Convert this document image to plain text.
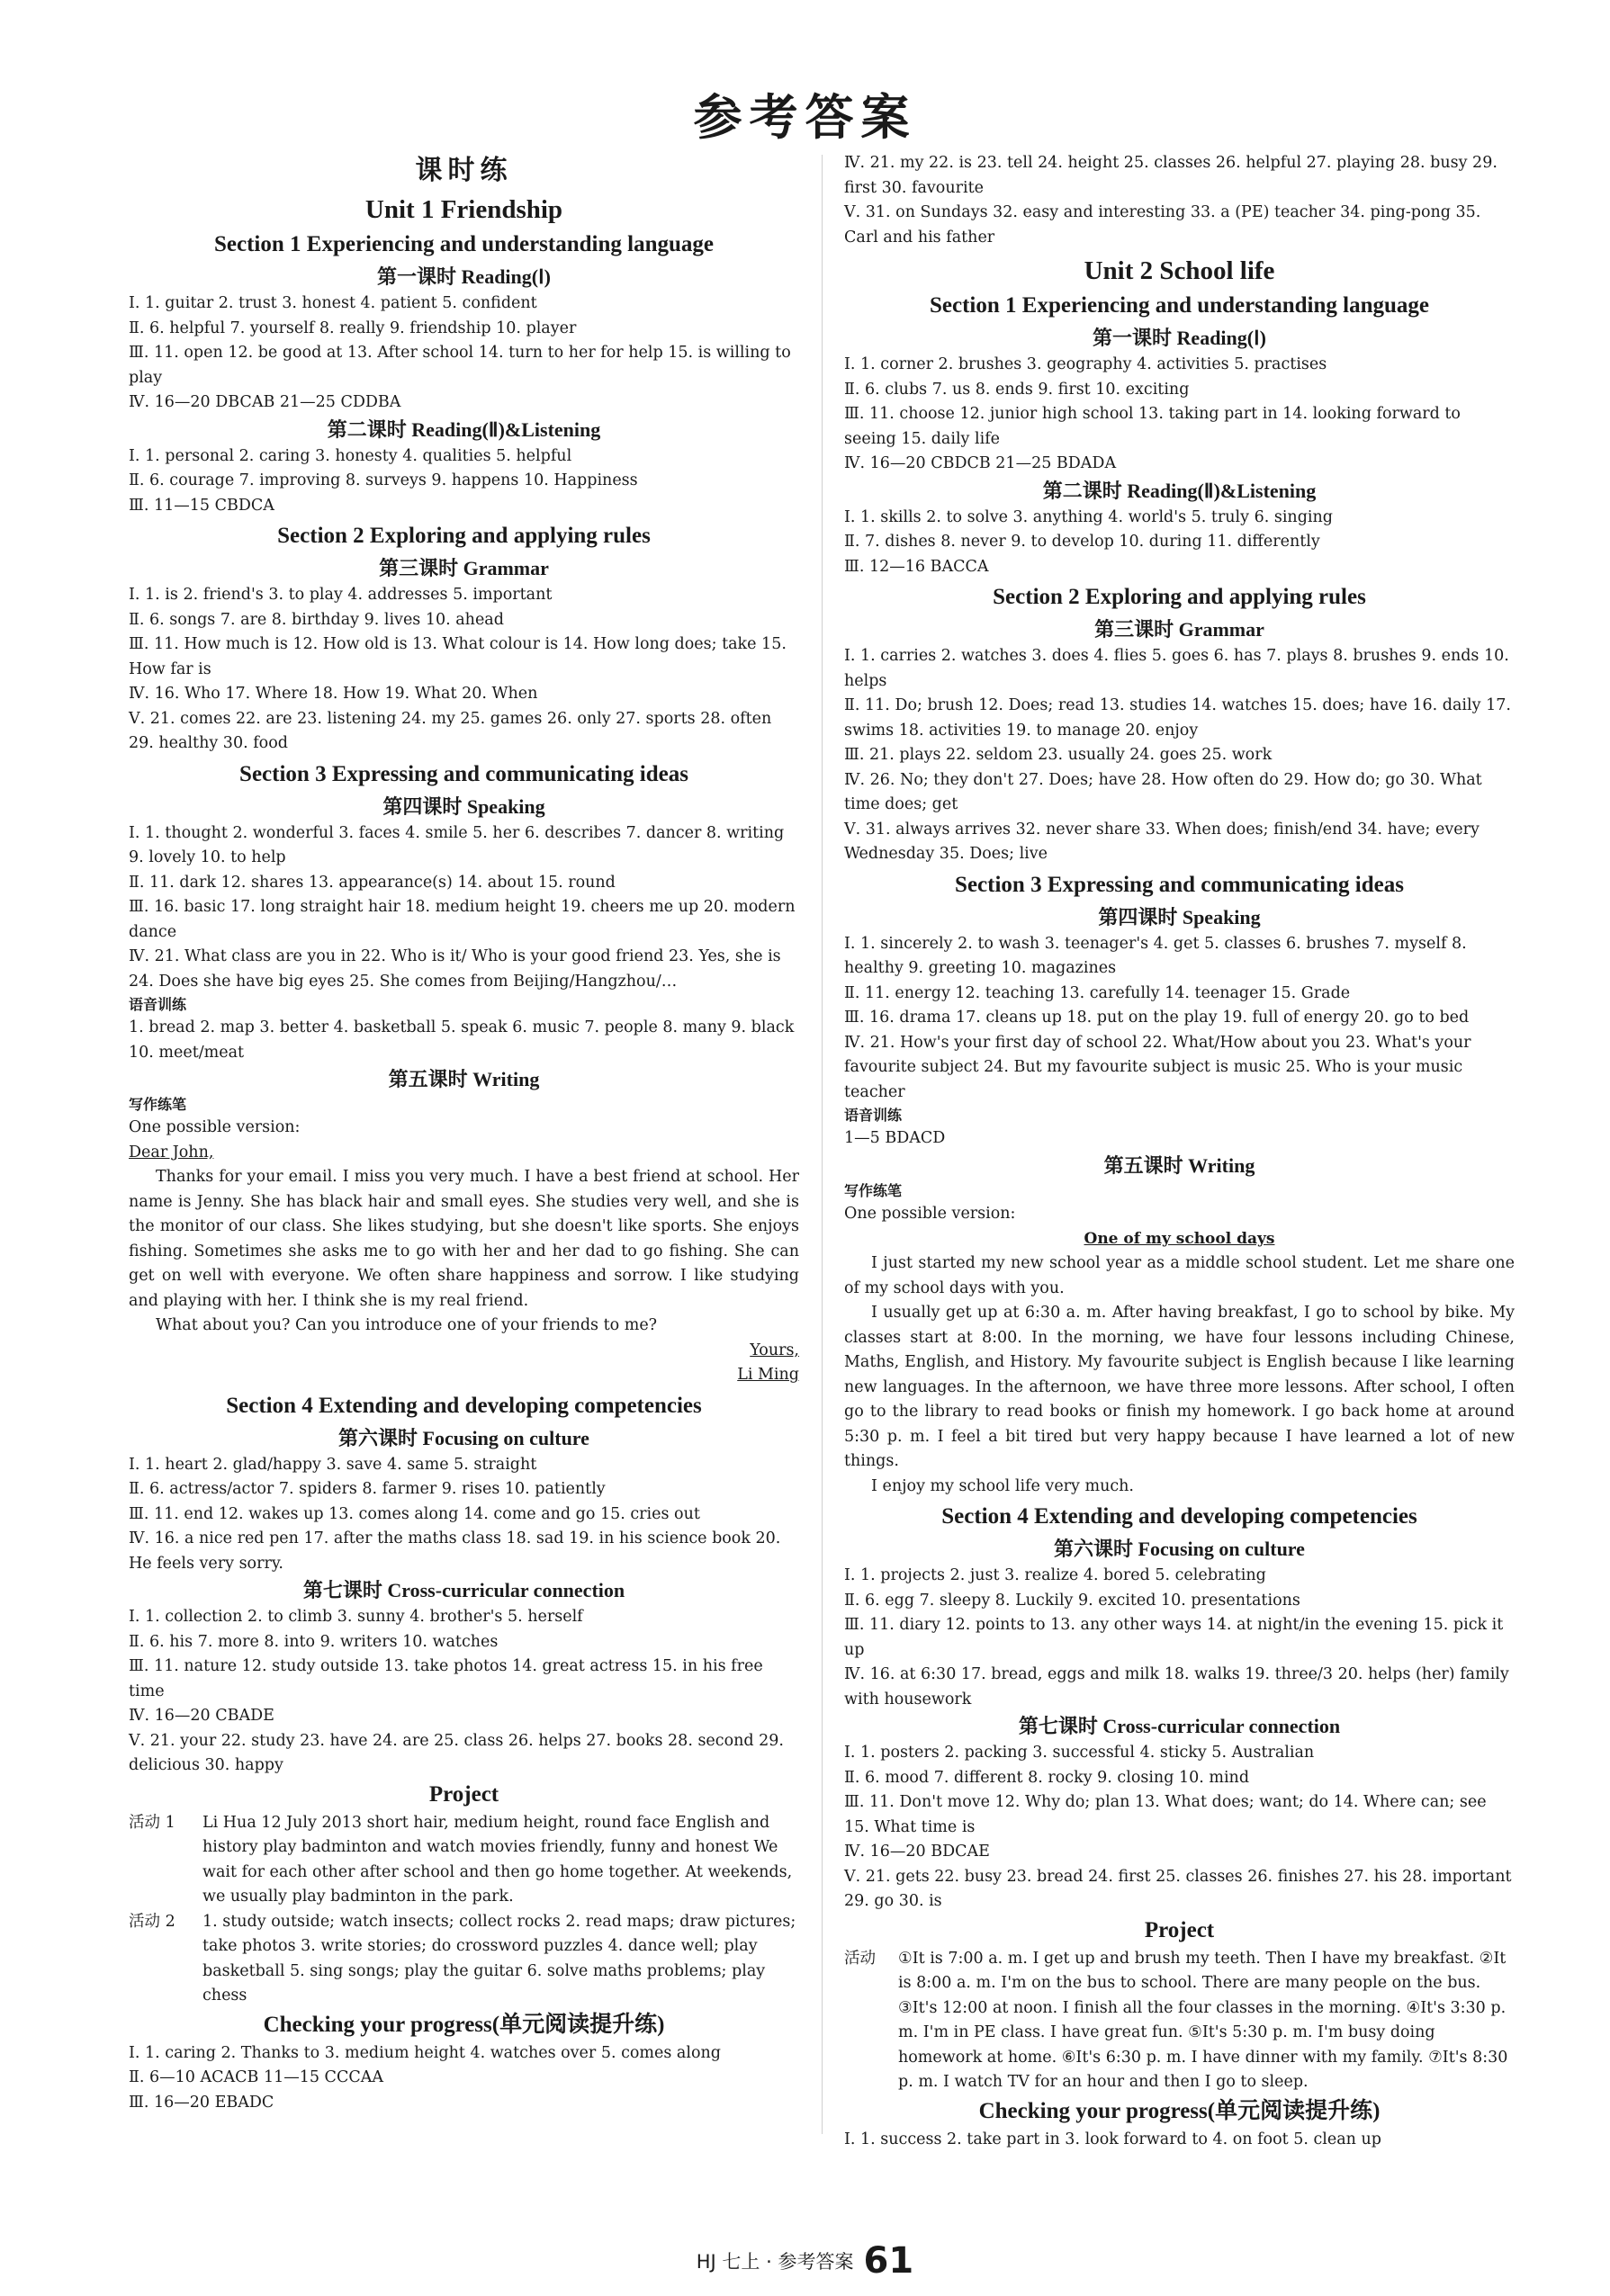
参考答案
课时练
Unit 1 Friendship
Section 1 Experiencing and understanding language
第一课时 Reading(Ⅰ)
Ⅰ. 1. guitar 2. trust 3. honest 4. patient 5. confident
Ⅱ. 6. helpful 7. yourself 8. really 9. friendship 10. player
Ⅲ. 11. open 12. be good at 13. After school 14. turn to her for help 15. is willing to play
Ⅳ. 16—20 DBCAB 21—25 CDDBA
第二课时 Reading(Ⅱ)&Listening
Ⅰ. 1. personal 2. caring 3. honesty 4. qualities 5. helpful
Ⅱ. 6. courage 7. improving 8. surveys 9. happens 10. Happiness
Ⅲ. 11—15 CBDCA
Section 2 Exploring and applying rules
第三课时 Grammar
Ⅰ. 1. is 2. friend's 3. to play 4. addresses 5. important
Ⅱ. 6. songs 7. are 8. birthday 9. lives 10. ahead
Ⅲ. 11. How much is 12. How old is 13. What colour is 14. How long does; take 15. How far is
Ⅳ. 16. Who 17. Where 18. How 19. What 20. When
Ⅴ. 21. comes 22. are 23. listening 24. my 25. games 26. only 27. sports 28. often 29. healthy 30. food
Section 3 Expressing and communicating ideas
第四课时 Speaking
Ⅰ. 1. thought 2. wonderful 3. faces 4. smile 5. her 6. describes 7. dancer 8. writing 9. lovely 10. to help
Ⅱ. 11. dark 12. shares 13. appearance(s) 14. about 15. round
Ⅲ. 16. basic 17. long straight hair 18. medium height 19. cheers me up 20. modern dance
Ⅳ. 21. What class are you in 22. Who is it/ Who is your good friend 23. Yes, she is 24. Does she have big eyes 25. She comes from Beijing/Hangzhou/…
语音训练
1. bread 2. map 3. better 4. basketball 5. speak 6. music 7. people 8. many 9. black 10. meet/meat
第五课时 Writing
写作练笔
One possible version:
Dear John,
Thanks for your email. I miss you very much. I have a best friend at school. Her name is Jenny. She has black hair and small eyes. She studies very well, and she is the monitor of our class. She likes studying, but she doesn't like sports. She enjoys fishing. Sometimes she asks me to go with her and her dad to go fishing. She can get on well with everyone. We often share happiness and sorrow. I like studying and playing with her. I think she is my real friend.
What about you? Can you introduce one of your friends to me?
Yours,
Li Ming
Section 4 Extending and developing competencies
第六课时 Focusing on culture
Ⅰ. 1. heart 2. glad/happy 3. save 4. same 5. straight
Ⅱ. 6. actress/actor 7. spiders 8. farmer 9. rises 10. patiently
Ⅲ. 11. end 12. wakes up 13. comes along 14. come and go 15. cries out
Ⅳ. 16. a nice red pen 17. after the maths class 18. sad 19. in his science book 20. He feels very sorry.
第七课时 Cross-curricular connection
Ⅰ. 1. collection 2. to climb 3. sunny 4. brother's 5. herself
Ⅱ. 6. his 7. more 8. into 9. writers 10. watches
Ⅲ. 11. nature 12. study outside 13. take photos 14. great actress 15. in his free time
Ⅳ. 16—20 CBADE
Ⅴ. 21. your 22. study 23. have 24. are 25. class 26. helps 27. books 28. second 29. delicious 30. happy
Project
活动 1	Li Hua 12 July 2013 short hair, medium height, round face English and history play badminton and watch movies friendly, funny and honest We wait for each other after school and then go home together. At weekends, we usually play badminton in the park.
活动 2	1. study outside; watch insects; collect rocks 2. read maps; draw pictures; take photos 3. write stories; do crossword puzzles 4. dance well; play basketball 5. sing songs; play the guitar 6. solve maths problems; play chess
Checking your progress(单元阅读提升练)
Ⅰ. 1. caring 2. Thanks to 3. medium height 4. watches over 5. comes along
Ⅱ. 6—10 ACACB 11—15 CCCAA
Ⅲ. 16—20 EBADC
Ⅳ. 21. my 22. is 23. tell 24. height 25. classes 26. helpful 27. playing 28. busy 29. first 30. favourite
Ⅴ. 31. on Sundays 32. easy and interesting 33. a (PE) teacher 34. ping-pong 35. Carl and his father
Unit 2 School life
Section 1 Experiencing and understanding language
第一课时 Reading(Ⅰ)
Ⅰ. 1. corner 2. brushes 3. geography 4. activities 5. practises
Ⅱ. 6. clubs 7. us 8. ends 9. first 10. exciting
Ⅲ. 11. choose 12. junior high school 13. taking part in 14. looking forward to seeing 15. daily life
Ⅳ. 16—20 CBDCB 21—25 BDADA
第二课时 Reading(Ⅱ)&Listening
Ⅰ. 1. skills 2. to solve 3. anything 4. world's 5. truly 6. singing
Ⅱ. 7. dishes 8. never 9. to develop 10. during 11. differently
Ⅲ. 12—16 BACCA
Section 2 Exploring and applying rules
第三课时 Grammar
Ⅰ. 1. carries 2. watches 3. does 4. flies 5. goes 6. has 7. plays 8. brushes 9. ends 10. helps
Ⅱ. 11. Do; brush 12. Does; read 13. studies 14. watches 15. does; have 16. daily 17. swims 18. activities 19. to manage 20. enjoy
Ⅲ. 21. plays 22. seldom 23. usually 24. goes 25. work
Ⅳ. 26. No; they don't 27. Does; have 28. How often do 29. How do; go 30. What time does; get
Ⅴ. 31. always arrives 32. never share 33. When does; finish/end 34. have; every Wednesday 35. Does; live
Section 3 Expressing and communicating ideas
第四课时 Speaking
Ⅰ. 1. sincerely 2. to wash 3. teenager's 4. get 5. classes 6. brushes 7. myself 8. healthy 9. greeting 10. magazines
Ⅱ. 11. energy 12. teaching 13. carefully 14. teenager 15. Grade
Ⅲ. 16. drama 17. cleans up 18. put on the play 19. full of energy 20. go to bed
Ⅳ. 21. How's your first day of school 22. What/How about you 23. What's your favourite subject 24. But my favourite subject is music 25. Who is your music teacher
语音训练
1—5 BDACD
第五课时 Writing
写作练笔
One possible version:
One of my school days
I just started my new school year as a middle school student. Let me share one of my school days with you.
I usually get up at 6:30 a. m. After having breakfast, I go to school by bike. My classes start at 8:00. In the morning, we have four lessons including Chinese, Maths, English, and History. My favourite subject is English because I like learning new languages. In the afternoon, we have three more lessons. After school, I often go to the library to read books or finish my homework. I go back home at around 5:30 p. m. I feel a bit tired but very happy because I have learned a lot of new things.
I enjoy my school life very much.
Section 4 Extending and developing competencies
第六课时 Focusing on culture
Ⅰ. 1. projects 2. just 3. realize 4. bored 5. celebrating
Ⅱ. 6. egg 7. sleepy 8. Luckily 9. excited 10. presentations
Ⅲ. 11. diary 12. points to 13. any other ways 14. at night/in the evening 15. pick it up
Ⅳ. 16. at 6:30 17. bread, eggs and milk 18. walks 19. three/3 20. helps (her) family with housework
第七课时 Cross-curricular connection
Ⅰ. 1. posters 2. packing 3. successful 4. sticky 5. Australian
Ⅱ. 6. mood 7. different 8. rocky 9. closing 10. mind
Ⅲ. 11. Don't move 12. Why do; plan 13. What does; want; do 14. Where can; see 15. What time is
Ⅳ. 16—20 BDCAE
Ⅴ. 21. gets 22. busy 23. bread 24. first 25. classes 26. finishes 27. his 28. important 29. go 30. is
Project
活动	①It is 7:00 a. m. I get up and brush my teeth. Then I have my breakfast. ②It is 8:00 a. m. I'm on the bus to school. There are many people on the bus. ③It's 12:00 at noon. I finish all the four classes in the morning. ④It's 3:30 p. m. I'm in PE class. I have great fun. ⑤It's 5:30 p. m. I'm busy doing homework at home. ⑥It's 6:30 p. m. I have dinner with my family. ⑦It's 8:30 p. m. I watch TV for an hour and then I go to sleep.
Checking your progress(单元阅读提升练)
Ⅰ. 1. success 2. take part in 3. look forward to 4. on foot 5. clean up
HJ 七上 · 参考答案 61
